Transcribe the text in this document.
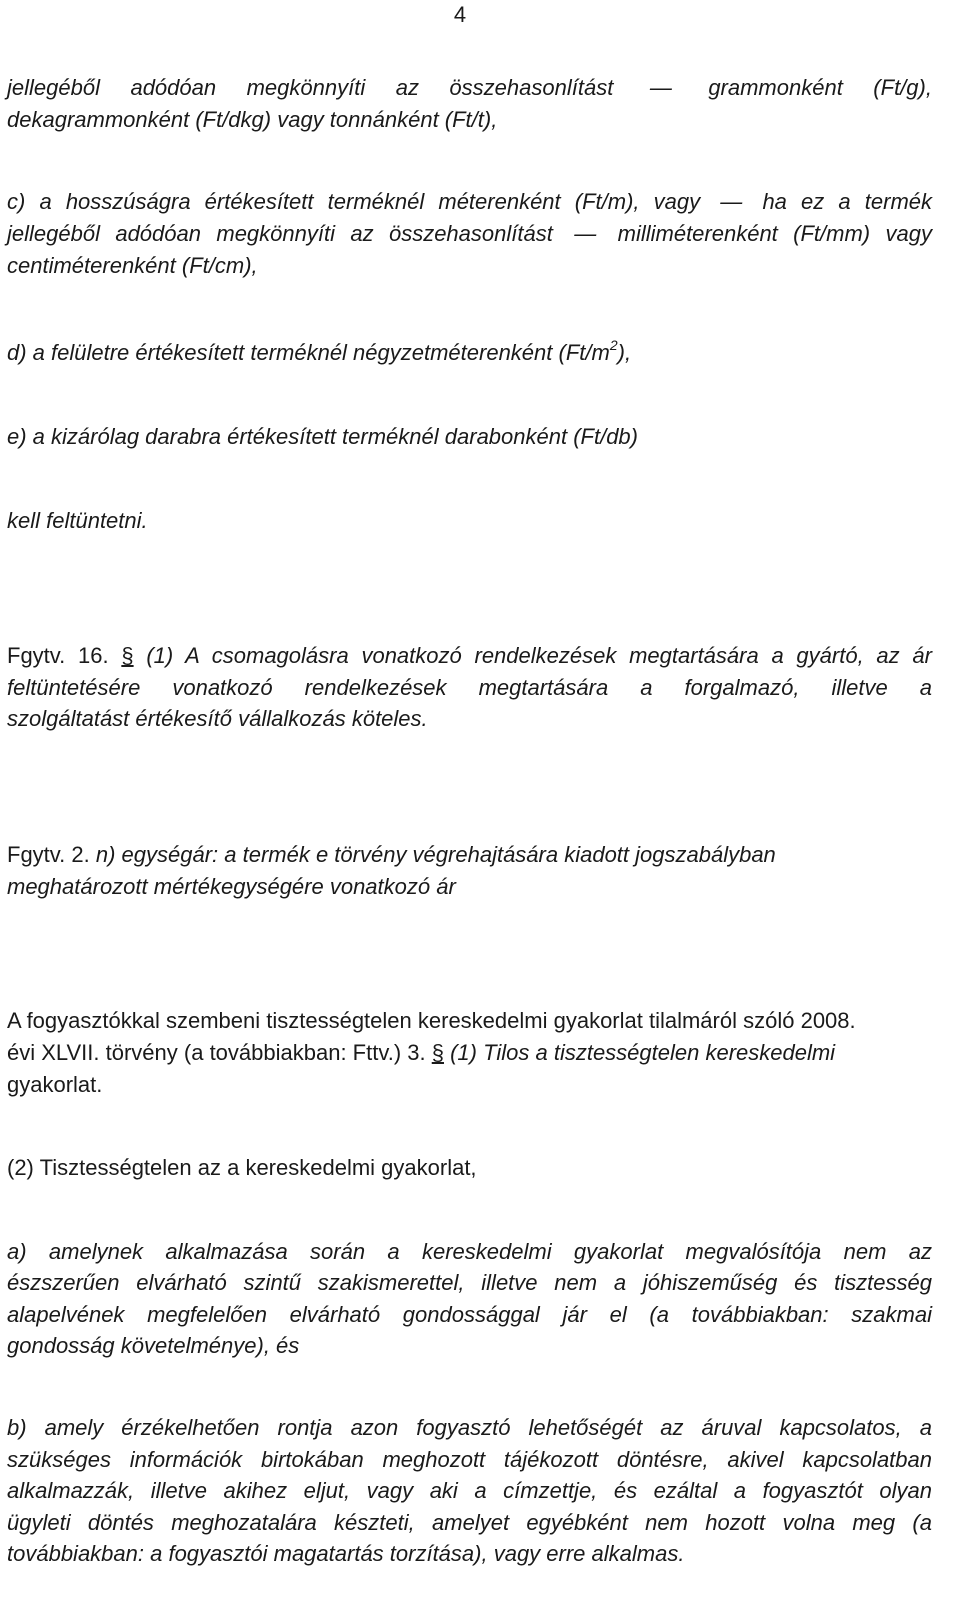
4
jellegéből adódóan megkönnyíti az összehasonlítást ― grammonként (Ft/g),
dekagrammonként (Ft/dkg) vagy tonnánként (Ft/t),
c) a hosszúságra értékesített terméknél méterenként (Ft/m), vagy ― ha ez a termék
jellegéből adódóan megkönnyíti az összehasonlítást ― milliméterenként (Ft/mm) vagy
centiméterenként (Ft/cm),
d) a felületre értékesített terméknél négyzetméterenként $(Ft/m^2)$,
e) a kizárólag darabra értékesített terméknél darabonként (Ft/db)
kell feltüntetni.
Fgytv. 16. § (1) A csomagolásra vonatkozó rendelkezések megtartására a gyártó, az ár
feltüntetésére vonatkozó rendelkezések megtartására a forgalmazó, illetve a
szolgáltatást értékesítő vállalkozás köteles.
Fgytv. 2. n) egységár: a termék e törvény végrehajtására kiadott jogszabályban
meghatározott mértékegységére vonatkozó ár
A fogyasztókkal szembeni tisztességtelen kereskedelmi gyakorlat tilalmáról szóló 2008.
évi XLVII. törvény (a továbbiakban: Fttv.) 3. § (1) Tilos a tisztességtelen kereskedelmi
gyakorlat.
(2) Tisztességtelen az a kereskedelmi gyakorlat,
a) amelynek alkalmazása során a kereskedelmi gyakorlat megvalósítója nem az
észszerűen elvárható szintű szakismerettel, illetve nem a jóhiszeműség és tisztesség
alapelvének megfelelően elvárható gondossággal jár el (a továbbiakban: szakmai
gondosság követelménye), és
b) amely érzékelhetően rontja azon fogyasztó lehetőségét az áruval kapcsolatos, a
szükséges információk birtokában meghozott tájékozott döntésre, akivel kapcsolatban
alkalmazzák, illetve akihez eljut, vagy aki a címzettje, és ezáltal a fogyasztót olyan
ügyleti döntés meghozatalára készteti, amelyet egyébként nem hozott volna meg (a
továbbiakban: a fogyasztói magatartás torzítása), vagy erre alkalmas.
